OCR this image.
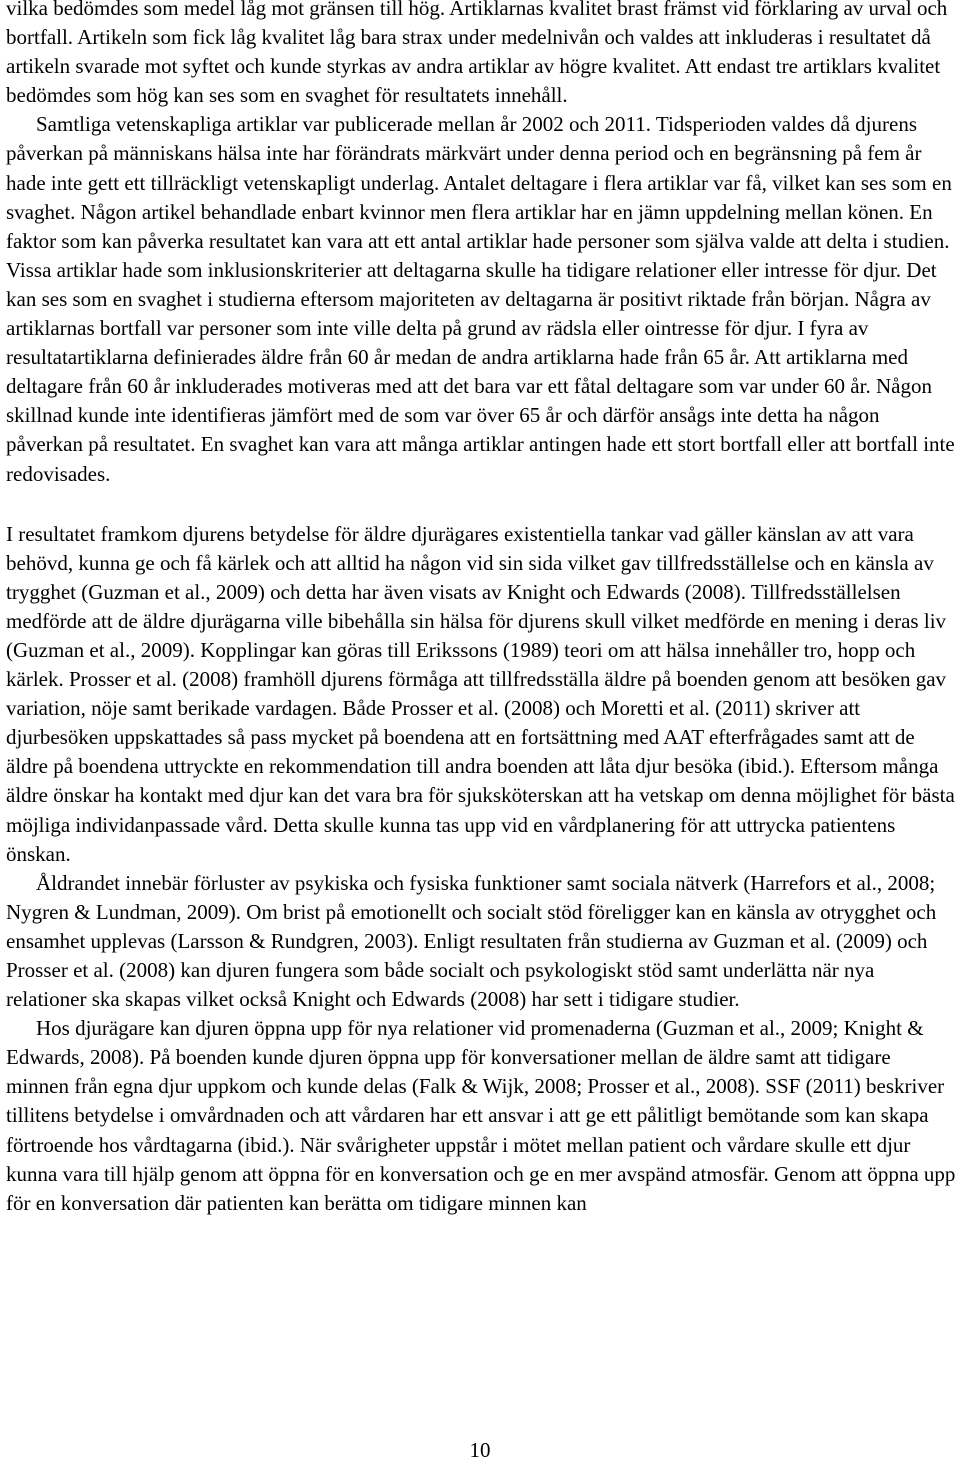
vilka bedömdes som medel låg mot gränsen till hög. Artiklarnas kvalitet brast främst vid förklaring av urval och bortfall. Artikeln som fick låg kvalitet låg bara strax under medelnivån och valdes att inkluderas i resultatet då artikeln svarade mot syftet och kunde styrkas av andra artiklar av högre kvalitet. Att endast tre artiklars kvalitet bedömdes som hög kan ses som en svaghet för resultatets innehåll.

Samtliga vetenskapliga artiklar var publicerade mellan år 2002 och 2011. Tidsperioden valdes då djurens påverkan på människans hälsa inte har förändrats märkvärt under denna period och en begränsning på fem år hade inte gett ett tillräckligt vetenskapligt underlag. Antalet deltagare i flera artiklar var få, vilket kan ses som en svaghet. Någon artikel behandlade enbart kvinnor men flera artiklar har en jämn uppdelning mellan könen. En faktor som kan påverka resultatet kan vara att ett antal artiklar hade personer som själva valde att delta i studien. Vissa artiklar hade som inklusionskriterier att deltagarna skulle ha tidigare relationer eller intresse för djur. Det kan ses som en svaghet i studierna eftersom majoriteten av deltagarna är positivt riktade från början. Några av artiklarnas bortfall var personer som inte ville delta på grund av rädsla eller ointresse för djur. I fyra av resultatartiklarna definierades äldre från 60 år medan de andra artiklarna hade från 65 år. Att artiklarna med deltagare från 60 år inkluderades motiveras med att det bara var ett fåtal deltagare som var under 60 år. Någon skillnad kunde inte identifieras jämfört med de som var över 65 år och därför ansågs inte detta ha någon påverkan på resultatet. En svaghet kan vara att många artiklar antingen hade ett stort bortfall eller att bortfall inte redovisades.

I resultatet framkom djurens betydelse för äldre djurägares existentiella tankar vad gäller känslan av att vara behövd, kunna ge och få kärlek och att alltid ha någon vid sin sida vilket gav tillfredsställelse och en känsla av trygghet (Guzman et al., 2009) och detta har även visats av Knight och Edwards (2008). Tillfredsställelsen medförde att de äldre djurägarna ville bibehålla sin hälsa för djurens skull vilket medförde en mening i deras liv (Guzman et al., 2009). Kopplingar kan göras till Erikssons (1989) teori om att hälsa innehåller tro, hopp och kärlek. Prosser et al. (2008) framhöll djurens förmåga att tillfredsställa äldre på boenden genom att besöken gav variation, nöje samt berikade vardagen. Både Prosser et al. (2008) och Moretti et al. (2011) skriver att djurbesöken uppskattades så pass mycket på boendena att en fortsättning med AAT efterfrågades samt att de äldre på boendena uttryckte en rekommendation till andra boenden att låta djur besöka (ibid.). Eftersom många äldre önskar ha kontakt med djur kan det vara bra för sjuksköterskan att ha vetskap om denna möjlighet för bästa möjliga individanpassade vård. Detta skulle kunna tas upp vid en vårdplanering för att uttrycka patientens önskan.

Åldrandet innebär förluster av psykiska och fysiska funktioner samt sociala nätverk (Harrefors et al., 2008; Nygren & Lundman, 2009). Om brist på emotionellt och socialt stöd föreligger kan en känsla av otrygghet och ensamhet upplevas (Larsson & Rundgren, 2003). Enligt resultaten från studierna av Guzman et al. (2009) och Prosser et al. (2008) kan djuren fungera som både socialt och psykologiskt stöd samt underlätta när nya relationer ska skapas vilket också Knight och Edwards (2008) har sett i tidigare studier.

Hos djurägare kan djuren öppna upp för nya relationer vid promenaderna (Guzman et al., 2009; Knight & Edwards, 2008). På boenden kunde djuren öppna upp för konversationer mellan de äldre samt att tidigare minnen från egna djur uppkom och kunde delas (Falk & Wijk, 2008; Prosser et al., 2008). SSF (2011) beskriver tillitens betydelse i omvårdnaden och att vårdaren har ett ansvar i att ge ett pålitligt bemötande som kan skapa förtroende hos vårdtagarna (ibid.). När svårigheter uppstår i mötet mellan patient och vårdare skulle ett djur kunna vara till hjälp genom att öppna för en konversation och ge en mer avspänd atmosfär. Genom att öppna upp för en konversation där patienten kan berätta om tidigare minnen kan

10
